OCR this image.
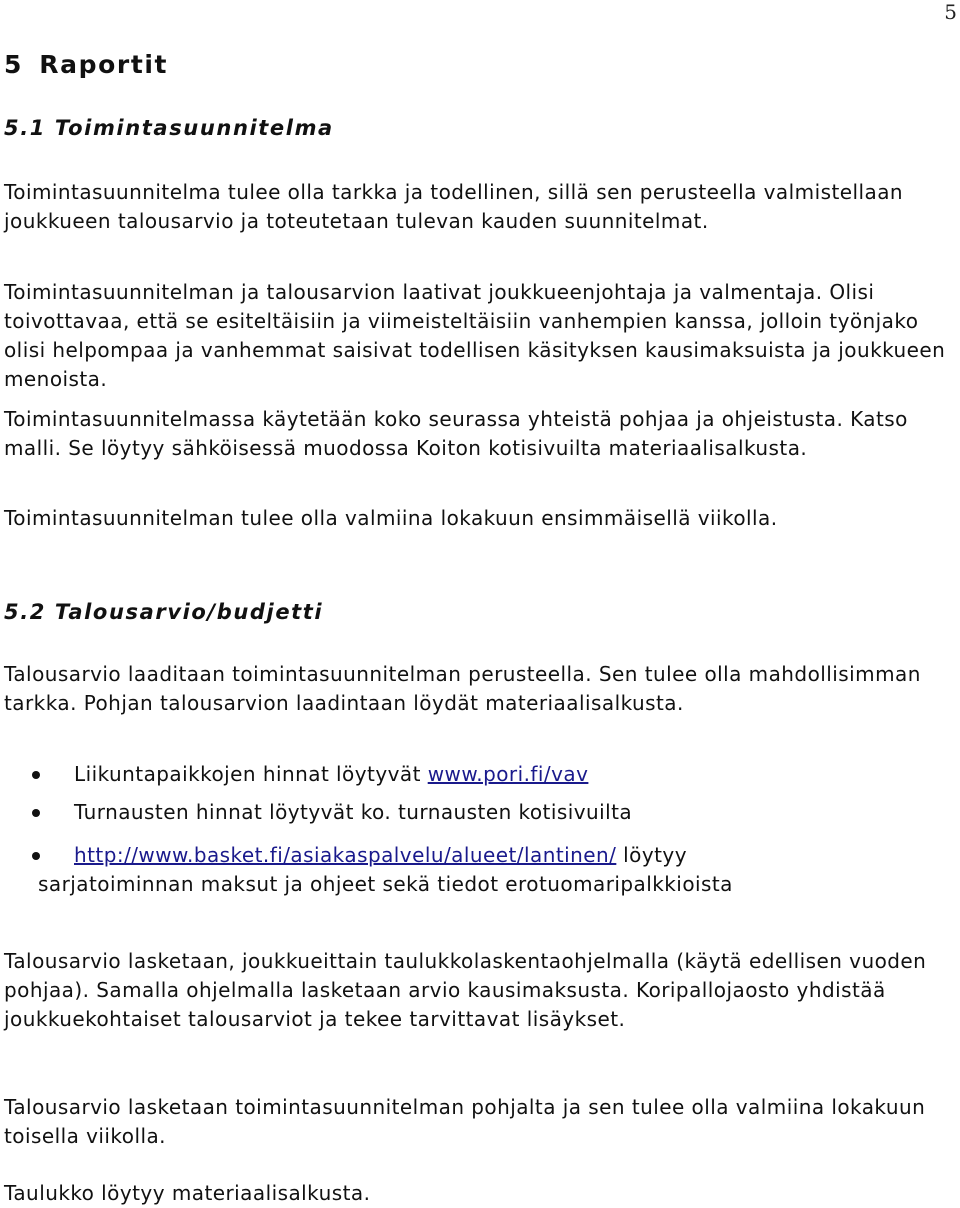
5
5 Raportit
5.1 Toimintasuunnitelma

Toimintasuunnitelma tulee olla tarkka ja todellinen, sillä sen perusteella valmistellaan joukkueen talousarvio ja toteutetaan tulevan kauden suunnitelmat.

Toimintasuunnitelman ja talousarvion laativat joukkueenjohtaja ja valmentaja. Olisi toivottavaa, että se esiteltäisiin ja viimeisteltäisiin vanhempien kanssa, jolloin työnjako olisi helpompaa ja vanhemmat saisivat todellisen käsityksen kausimaksuista ja joukkueen menoista.

Toimintasuunnitelmassa käytetään koko seurassa yhteistä pohjaa ja ohjeistusta. Katso malli. Se löytyy sähköisessä muodossa Koiton kotisivuilta materiaalisalkusta.

Toimintasuunnitelman tulee olla valmiina lokakuun ensimmäisellä viikolla.

5.2 Talousarvio/budjetti

Talousarvio laaditaan toimintasuunnitelman perusteella. Sen tulee olla mahdollisimman tarkka. Pohjan talousarvion laadintaan löydät materiaalisalkusta.

Liikuntapaikkojen hinnat löytyvät www.pori.fi/vav
Turnausten hinnat löytyvät ko. turnausten kotisivuilta
http://www.basket.fi/asiakaspalvelu/alueet/lantinen/ löytyy
sarjatoiminnan maksut ja ohjeet sekä tiedot erotuomaripalkkioista

Talousarvio lasketaan, joukkueittain taulukkolaskentaohjelmalla (käytä edellisen vuoden pohjaa). Samalla ohjelmalla lasketaan arvio kausimaksusta. Koripallojaosto yhdistää joukkuekohtaiset talousarviot ja tekee tarvittavat lisäykset.

Talousarvio lasketaan toimintasuunnitelman pohjalta ja sen tulee olla valmiina lokakuun toisella viikolla.

Taulukko löytyy materiaalisalkusta.
